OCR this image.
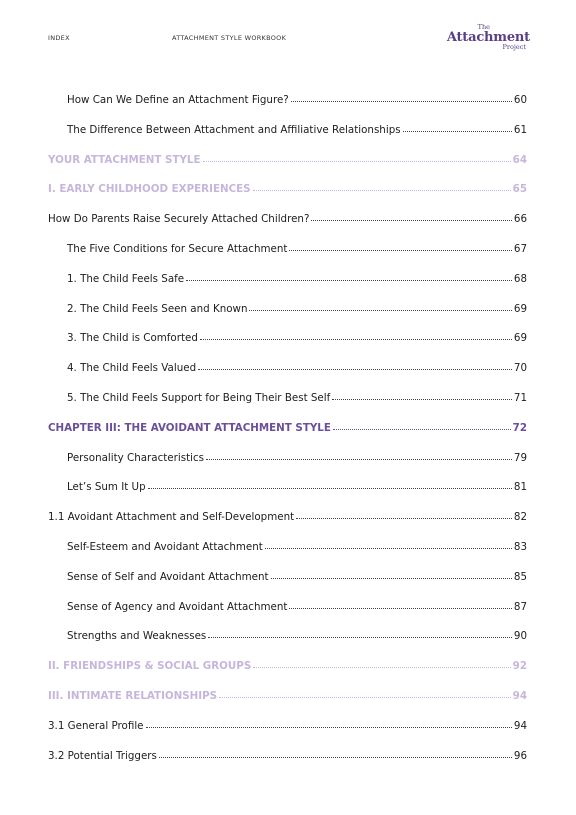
INDEX	ATTACHMENT STYLE WORKBOOK
The
Attachment
Project
How Can We Define an Attachment Figure?	60
The Difference Between Attachment and Affiliative Relationships	61
YOUR ATTACHMENT STYLE	64
I. EARLY CHILDHOOD EXPERIENCES	65
How Do Parents Raise Securely Attached Children?	66
The Five Conditions for Secure Attachment	67
1. The Child Feels Safe	68
2. The Child Feels Seen and Known	69
3. The Child is Comforted	69
4. The Child Feels Valued	70
5. The Child Feels Support for Being Their Best Self	71
CHAPTER III: THE AVOIDANT ATTACHMENT STYLE	72
Personality Characteristics	79
Let’s Sum It Up	81
1.1 Avoidant Attachment and Self-Development	82
Self-Esteem and Avoidant Attachment	83
Sense of Self and Avoidant Attachment	85
Sense of Agency and Avoidant Attachment	87
Strengths and Weaknesses	90
II. FRIENDSHIPS & SOCIAL GROUPS	92
III. INTIMATE RELATIONSHIPS	94
3.1 General Profile	94
3.2 Potential Triggers	96
